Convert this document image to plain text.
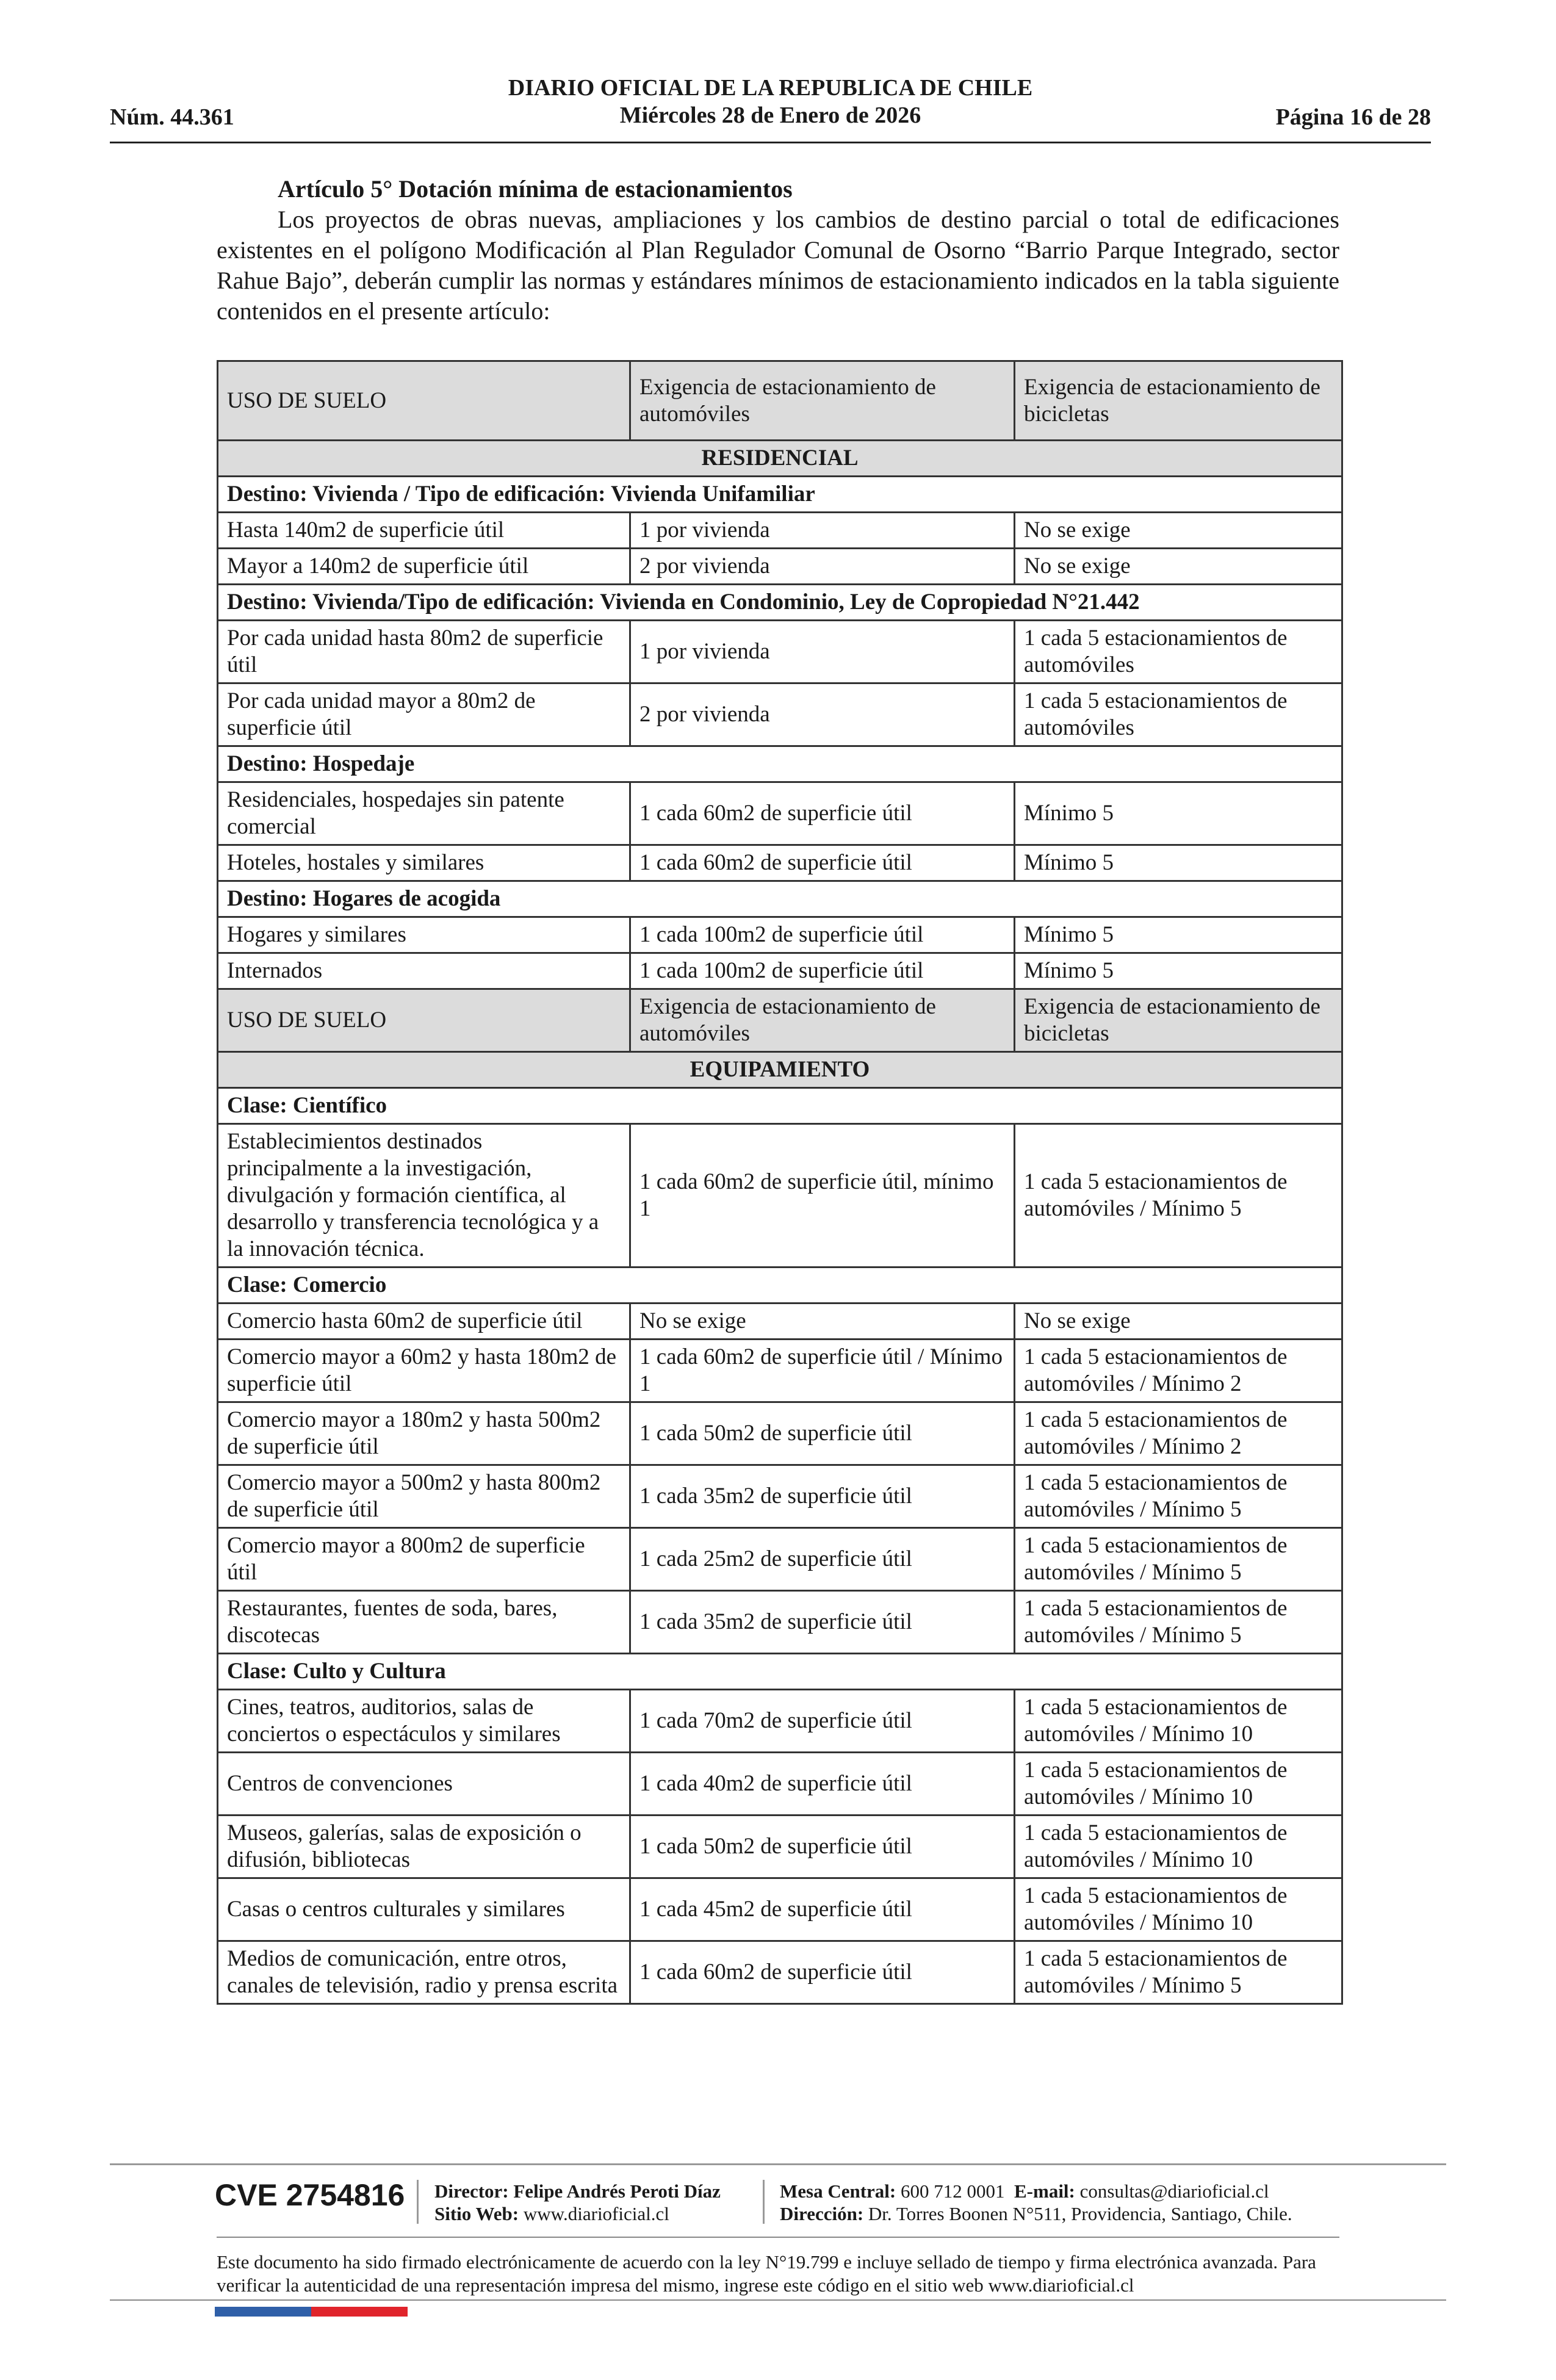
Núm. 44.361
DIARIO OFICIAL DE LA REPUBLICA DE CHILE
Miércoles 28 de Enero de 2026	Página 16 de 28
Artículo 5° Dotación mínima de estacionamientos
Los proyectos de obras nuevas, ampliaciones y los cambios de destino parcial o total de edificaciones existentes en el polígono Modificación al Plan Regulador Comunal de Osorno “Barrio Parque Integrado, sector Rahue Bajo”, deberán cumplir las normas y estándares mínimos de estacionamiento indicados en la tabla siguiente contenidos en el presente artículo:
USO DE SUELO	Exigencia de estacionamiento de automóviles	Exigencia de estacionamiento de bicicletas
RESIDENCIAL		
Destino: Vivienda / Tipo de edificación: Vivienda Unifamiliar		
Hasta 140m2 de superficie útil	1 por vivienda	No se exige
Mayor a 140m2 de superficie útil	2 por vivienda	No se exige
Destino: Vivienda/Tipo de edificación: Vivienda en Condominio, Ley de Copropiedad N°21.442		
Por cada unidad hasta 80m2 de superficie útil	1 por vivienda	1 cada 5 estacionamientos de automóviles
Por cada unidad mayor a 80m2 de superficie útil	2 por vivienda	1 cada 5 estacionamientos de automóviles
Destino: Hospedaje		
Residenciales, hospedajes sin patente comercial	1 cada 60m2 de superficie útil	Mínimo 5
Hoteles, hostales y similares	1 cada 60m2 de superficie útil	Mínimo 5
Destino: Hogares de acogida		
Hogares y similares	1 cada 100m2 de superficie útil	Mínimo 5
Internados	1 cada 100m2 de superficie útil	Mínimo 5
USO DE SUELO	Exigencia de estacionamiento de automóviles	Exigencia de estacionamiento de bicicletas
EQUIPAMIENTO		
Clase: Científico		
Establecimientos destinados principalmente a la investigación, divulgación y formación científica, al desarrollo y transferencia tecnológica y a la innovación técnica.	1 cada 60m2 de superficie útil, mínimo 1	1 cada 5 estacionamientos de automóviles / Mínimo 5
Clase: Comercio		
Comercio hasta 60m2 de superficie útil	No se exige	No se exige
Comercio mayor a 60m2 y hasta 180m2 de superficie útil	1 cada 60m2 de superficie útil / Mínimo 1	1 cada 5 estacionamientos de automóviles / Mínimo 2
Comercio mayor a 180m2 y hasta 500m2 de superficie útil	1 cada 50m2 de superficie útil	1 cada 5 estacionamientos de automóviles / Mínimo 2
Comercio mayor a 500m2 y hasta 800m2 de superficie útil	1 cada 35m2 de superficie útil	1 cada 5 estacionamientos de automóviles / Mínimo 5
Comercio mayor a 800m2 de superficie útil	1 cada 25m2 de superficie útil	1 cada 5 estacionamientos de automóviles / Mínimo 5
Restaurantes, fuentes de soda, bares, discotecas	1 cada 35m2 de superficie útil	1 cada 5 estacionamientos de automóviles / Mínimo 5
Clase: Culto y Cultura		
Cines, teatros, auditorios, salas de conciertos o espectáculos y similares	1 cada 70m2 de superficie útil	1 cada 5 estacionamientos de automóviles / Mínimo 10
Centros de convenciones	1 cada 40m2 de superficie útil	1 cada 5 estacionamientos de automóviles / Mínimo 10
Museos, galerías, salas de exposición o difusión, bibliotecas	1 cada 50m2 de superficie útil	1 cada 5 estacionamientos de automóviles / Mínimo 10
Casas o centros culturales y similares	1 cada 45m2 de superficie útil	1 cada 5 estacionamientos de automóviles / Mínimo 10
Medios de comunicación, entre otros, canales de televisión, radio y prensa escrita	1 cada 60m2 de superficie útil	1 cada 5 estacionamientos de automóviles / Mínimo 5
CVE 2754816 Director: Felipe Andrés Peroti Díaz
Sitio Web: www.diarioficial.cl
Mesa Central: 600 712 0001 E-mail: consultas@diarioficial.cl
Dirección: Dr. Torres Boonen N°511, Providencia, Santiago, Chile.
Este documento ha sido firmado electrónicamente de acuerdo con la ley N°19.799 e incluye sellado de tiempo y firma electrónica avanzada. Para verificar la autenticidad de una representación impresa del mismo, ingrese este código en el sitio web www.diarioficial.cl
